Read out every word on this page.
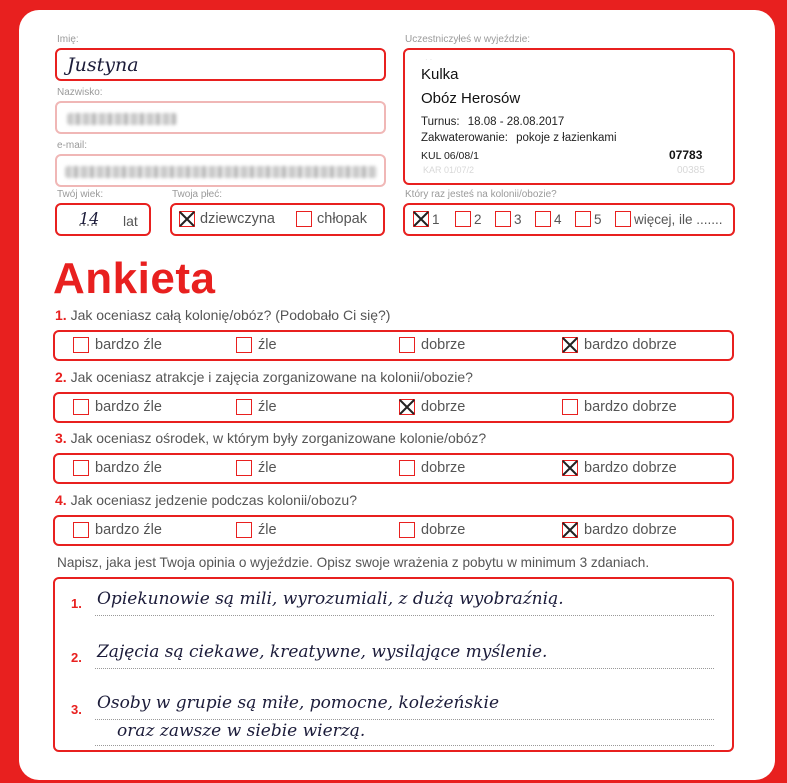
Imię:
Justyna
Nazwisko:
e-mail:
Twój wiek:
14 lat
Twoja płeć:
dziewczyna	chłopak
Uczestniczyłeś w wyjeździe:
KAR 01/07/2	00385
Kulka
Obóz Herosów
Turnus: 18.08 - 28.08.2017
Zakwaterowanie: pokoje z łazienkami
KUL 06/08/1	07783
Który raz jesteś na kolonii/obozie?
1	2 3 4 5 więcej, ile .......
Ankieta
1. Jak oceniasz całą kolonię/obóz? (Podobało Ci się?)
bardzo źle	źle	dobrze	bardzo dobrze
2. Jak oceniasz atrakcje i zajęcia zorganizowane na kolonii/obozie?
bardzo źle	źle	dobrze	bardzo dobrze
3. Jak oceniasz ośrodek, w którym były zorganizowane kolonie/obóz?
bardzo źle	źle	dobrze	bardzo dobrze
4. Jak oceniasz jedzenie podczas kolonii/obozu?
bardzo źle	źle	dobrze	bardzo dobrze
Napisz, jaka jest Twoja opinia o wyjeździe. Opisz swoje wrażenia z pobytu w minimum 3 zdaniach.
1. Opiekunowie są mili, wyrozumiali, z dużą wyobraźnią.
2. Zajęcia są ciekawe, kreatywne, wysilające myślenie.
3. Osoby w grupie są miłe, pomocne, koleżeńskie
oraz zawsze w siebie wierzą.
